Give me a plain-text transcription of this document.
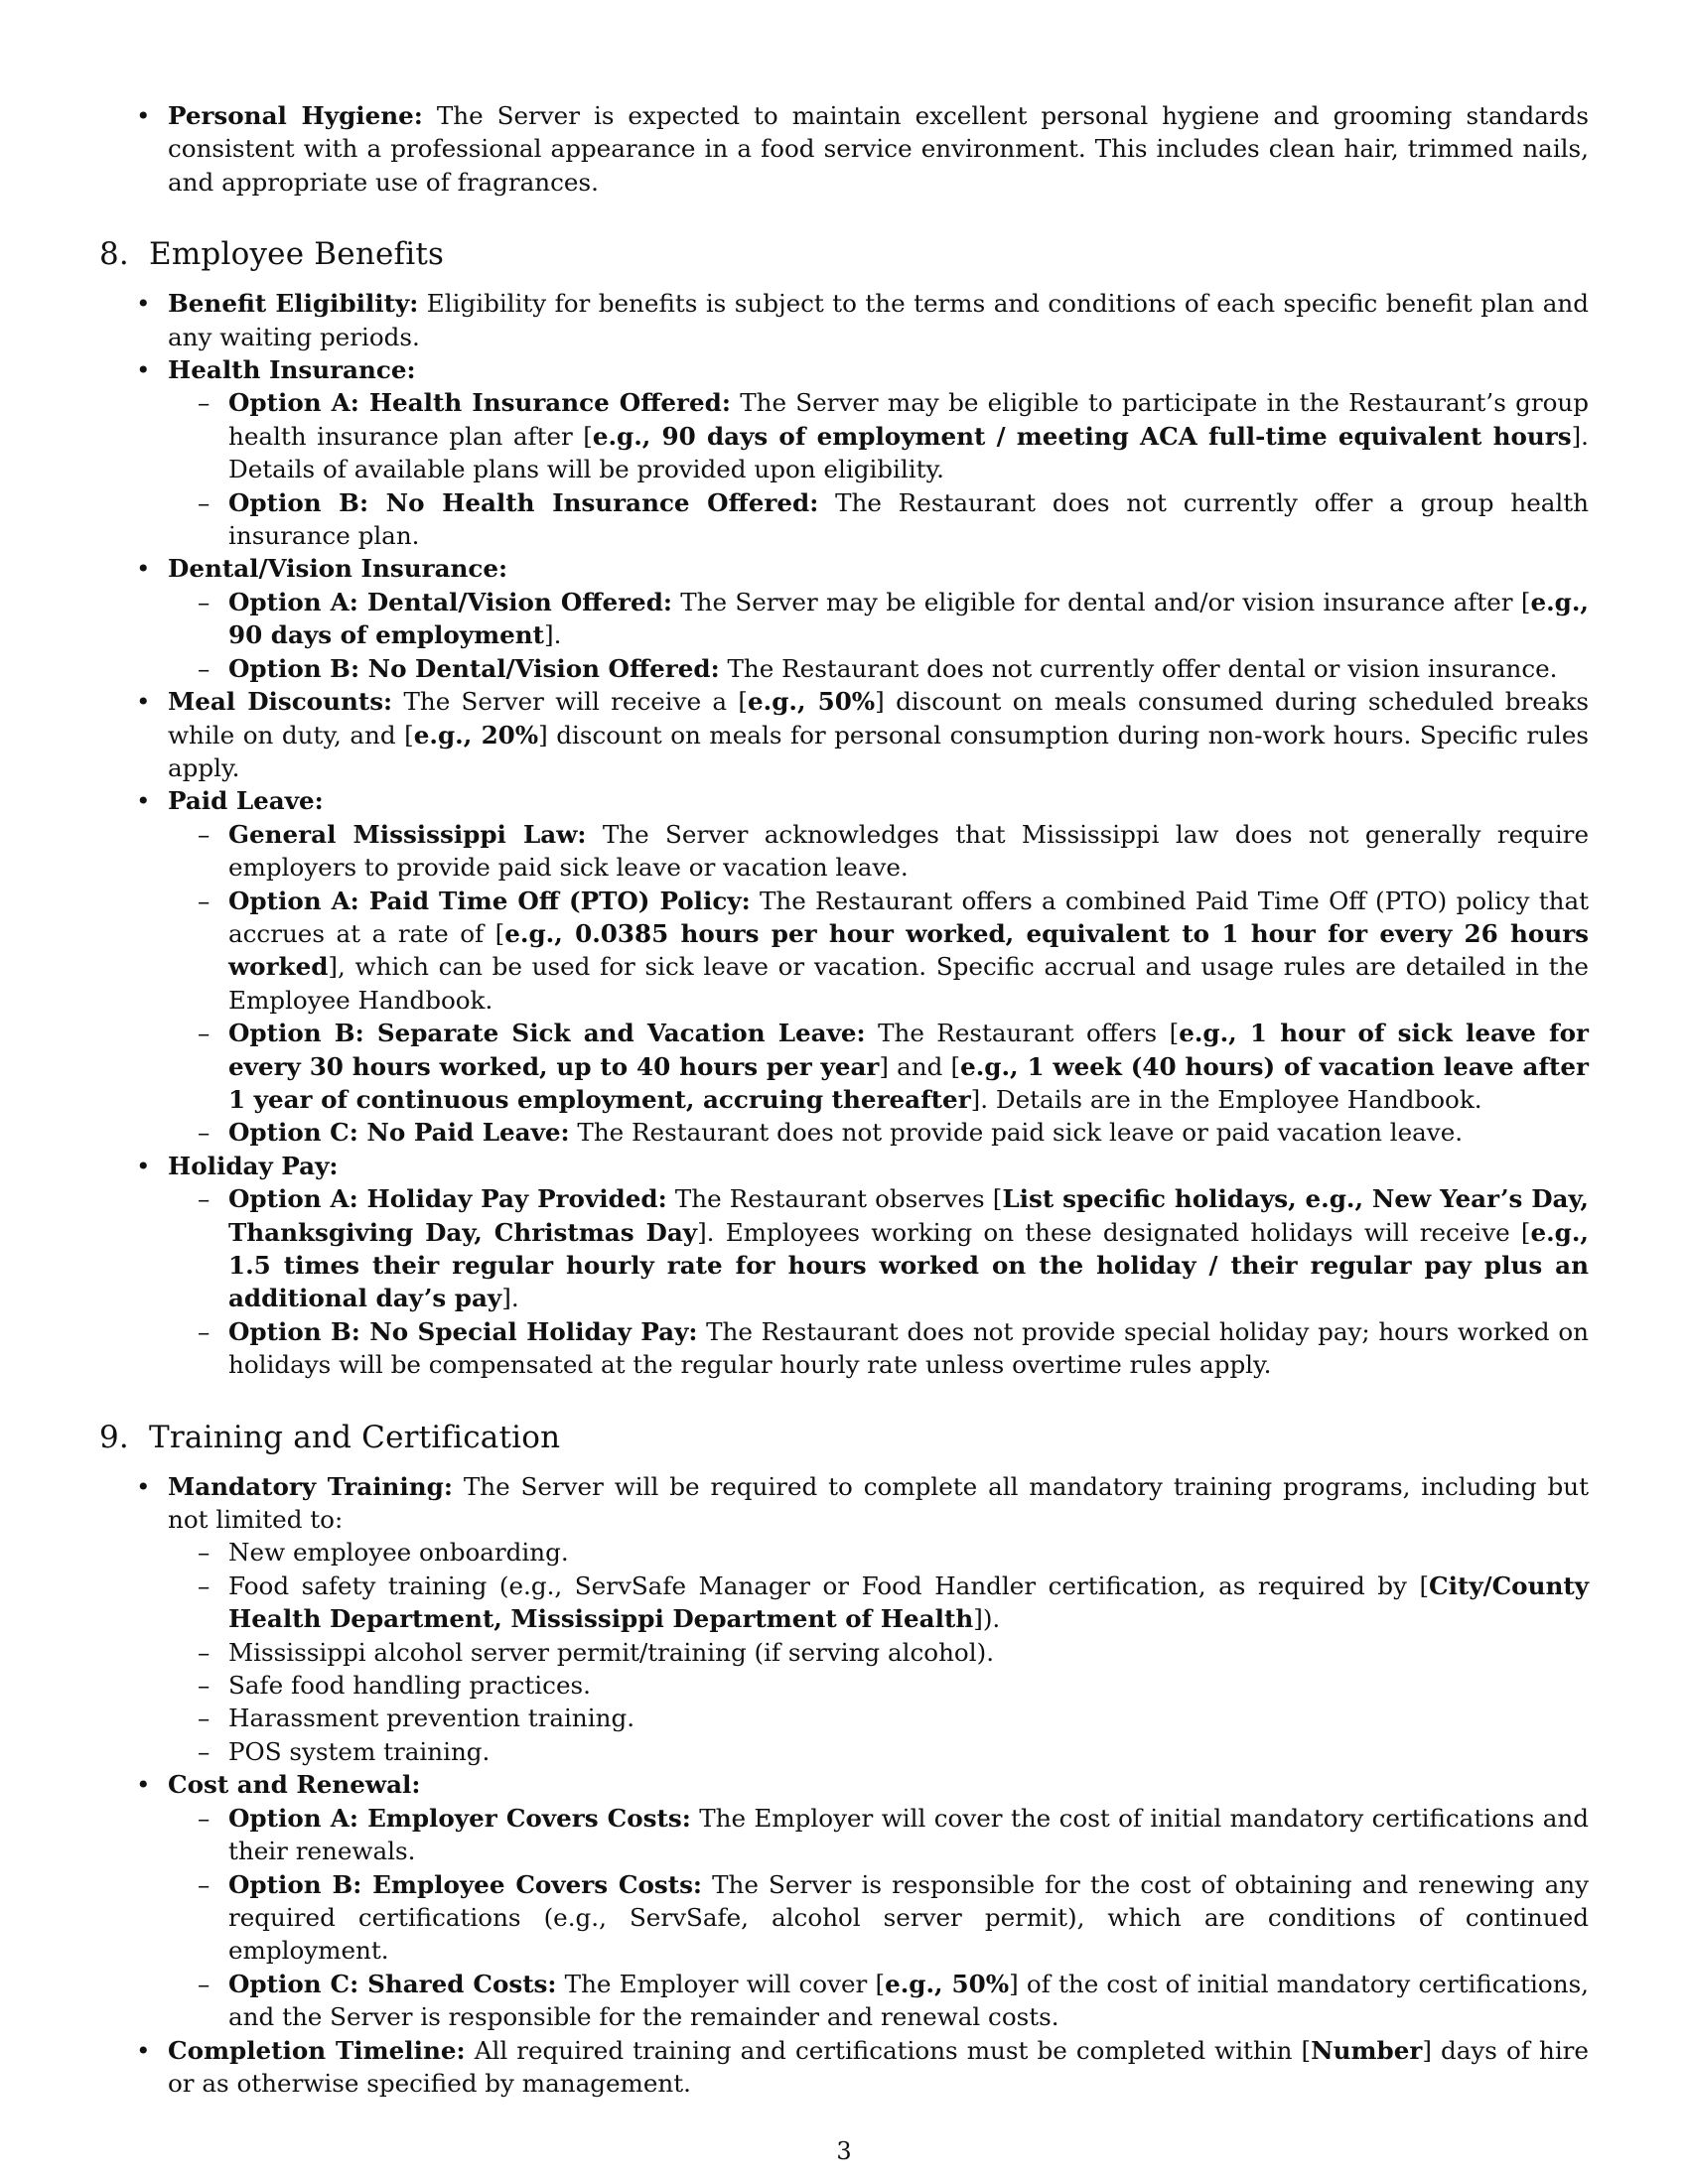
• Personal Hygiene: The Server is expected to maintain excellent personal hygiene and grooming standards consistent with a professional appearance in a food service environment. This includes clean hair, trimmed nails, and appropriate use of fragrances.
8. Employee Benefits
• Benefit Eligibility: Eligibility for benefits is subject to the terms and conditions of each specific benefit plan and any waiting periods.
• Health Insurance:
– Option A: Health Insurance Offered: The Server may be eligible to participate in the Restaurant’s group health insurance plan after [e.g., 90 days of employment / meeting ACA full-time equivalent hours]. Details of available plans will be provided upon eligibility.
– Option B: No Health Insurance Offered: The Restaurant does not currently offer a group health insurance plan.
• Dental/Vision Insurance:
– Option A: Dental/Vision Offered: The Server may be eligible for dental and/or vision insurance after [e.g., 90 days of employment].
– Option B: No Dental/Vision Offered: The Restaurant does not currently offer dental or vision insurance.
• Meal Discounts: The Server will receive a [e.g., 50%] discount on meals consumed during scheduled breaks while on duty, and [e.g., 20%] discount on meals for personal consumption during non-work hours. Specific rules apply.
• Paid Leave:
– General Mississippi Law: The Server acknowledges that Mississippi law does not generally require employers to provide paid sick leave or vacation leave.
– Option A: Paid Time Off (PTO) Policy: The Restaurant offers a combined Paid Time Off (PTO) policy that accrues at a rate of [e.g., 0.0385 hours per hour worked, equivalent to 1 hour for every 26 hours worked], which can be used for sick leave or vacation. Specific accrual and usage rules are detailed in the Employee Handbook.
– Option B: Separate Sick and Vacation Leave: The Restaurant offers [e.g., 1 hour of sick leave for every 30 hours worked, up to 40 hours per year] and [e.g., 1 week (40 hours) of vacation leave after 1 year of continuous employment, accruing thereafter]. Details are in the Employee Handbook.
– Option C: No Paid Leave: The Restaurant does not provide paid sick leave or paid vacation leave.
• Holiday Pay:
– Option A: Holiday Pay Provided: The Restaurant observes [List specific holidays, e.g., New Year’s Day, Thanksgiving Day, Christmas Day]. Employees working on these designated holidays will receive [e.g., 1.5 times their regular hourly rate for hours worked on the holiday / their regular pay plus an additional day’s pay].
– Option B: No Special Holiday Pay: The Restaurant does not provide special holiday pay; hours worked on holidays will be compensated at the regular hourly rate unless overtime rules apply.
9. Training and Certification
• Mandatory Training: The Server will be required to complete all mandatory training programs, including but not limited to:
– New employee onboarding.
– Food safety training (e.g., ServSafe Manager or Food Handler certification, as required by [City/County Health Department, Mississippi Department of Health]).
– Mississippi alcohol server permit/training (if serving alcohol).
– Safe food handling practices.
– Harassment prevention training.
– POS system training.
• Cost and Renewal:
– Option A: Employer Covers Costs: The Employer will cover the cost of initial mandatory certifications and their renewals.
– Option B: Employee Covers Costs: The Server is responsible for the cost of obtaining and renewing any required certifications (e.g., ServSafe, alcohol server permit), which are conditions of continued employment.
– Option C: Shared Costs: The Employer will cover [e.g., 50%] of the cost of initial mandatory certifications, and the Server is responsible for the remainder and renewal costs.
• Completion Timeline: All required training and certifications must be completed within [Number] days of hire or as otherwise specified by management.
3
